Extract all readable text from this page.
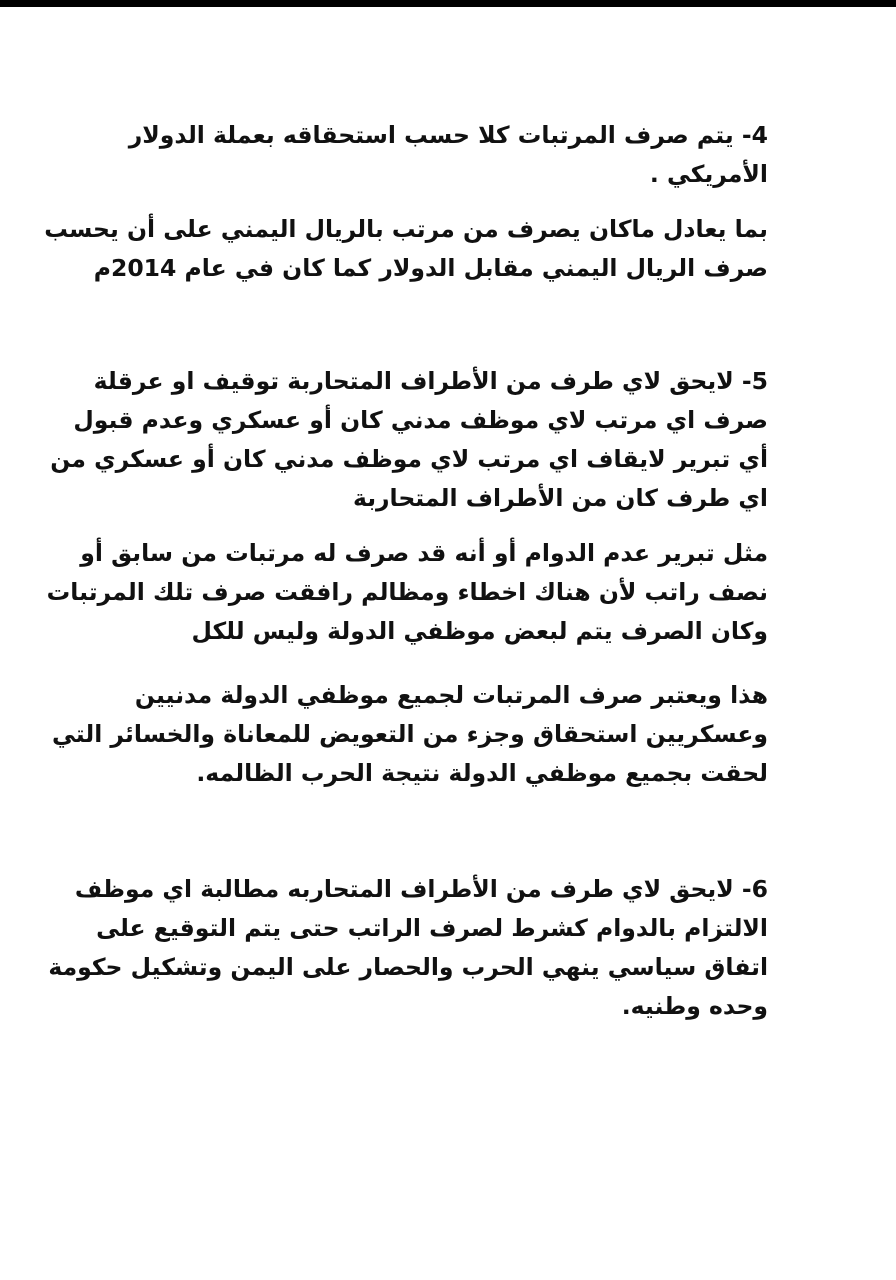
4- يتم صرف المرتبات كلا حسب استحقاقه بعملة الدولار
الأمريكي .
بما يعادل ماكان يصرف من مرتب بالريال اليمني على أن يحسب
صرف الريال اليمني مقابل الدولار كما كان في عام 2014م
5- لايحق لاي طرف من الأطراف المتحاربة توقيف او عرقلة
صرف اي مرتب لاي موظف مدني كان أو عسكري وعدم قبول
أي تبرير لايقاف اي مرتب لاي موظف مدني كان أو عسكري من
اي طرف كان من الأطراف المتحاربة
مثل تبرير عدم الدوام أو أنه قد صرف له مرتبات من سابق أو
نصف راتب لأن هناك اخطاء ومظالم رافقت صرف تلك المرتبات
وكان الصرف يتم لبعض موظفي الدولة وليس للكل
هذا ويعتبر صرف المرتبات لجميع موظفي الدولة مدنيين
وعسكريين استحقاق وجزء من التعويض للمعاناة والخسائر التي
لحقت بجميع موظفي الدولة نتيجة الحرب الظالمه.
6- لايحق لاي طرف من الأطراف المتحاربه مطالبة اي موظف
الالتزام بالدوام كشرط لصرف الراتب حتى يتم التوقيع على
اتفاق سياسي ينهي الحرب والحصار على اليمن وتشكيل حكومة
وحده وطنيه.
